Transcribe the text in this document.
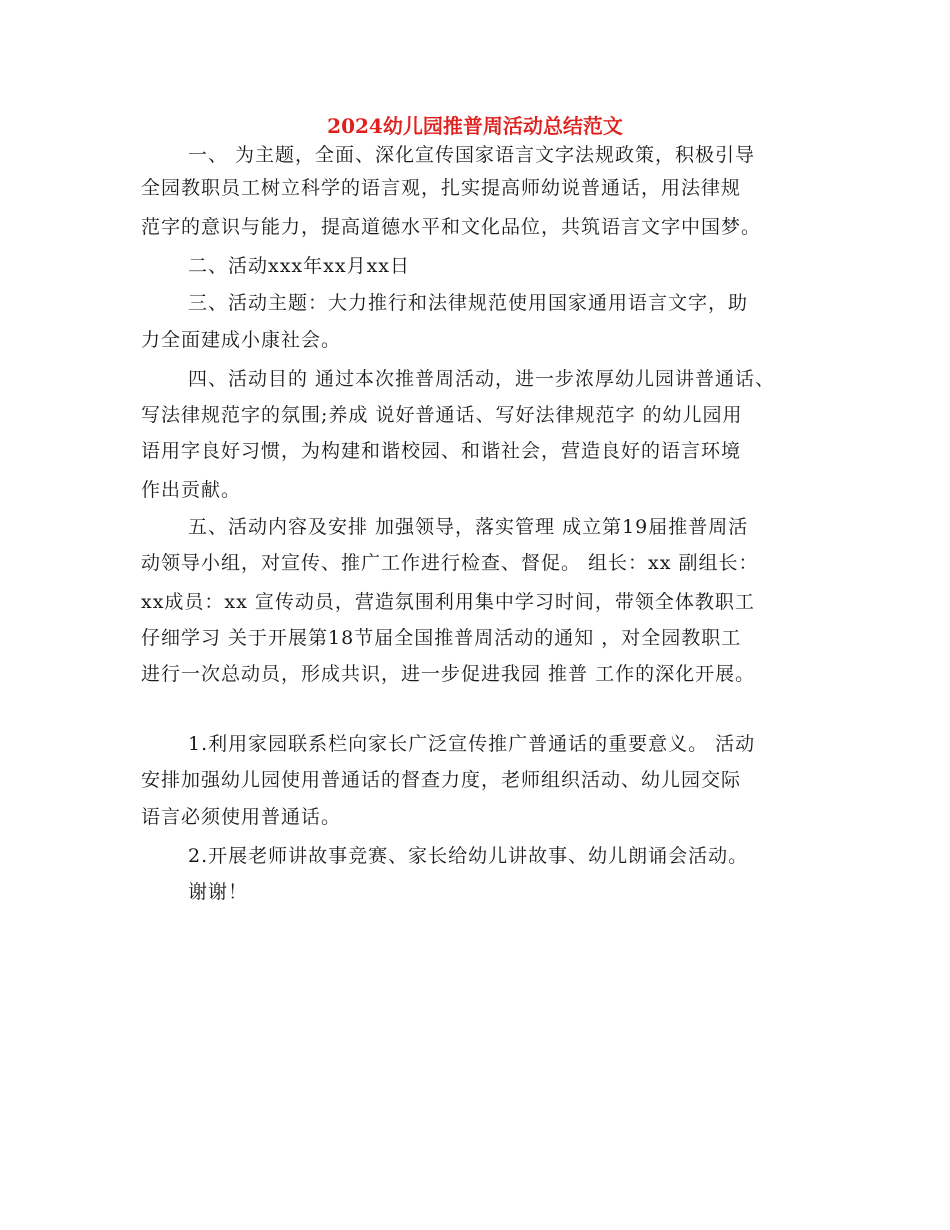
2024幼儿园推普周活动总结范文
一、 为主题，全面、深化宣传国家语言文字法规政策，积极引导
全园教职员工树立科学的语言观，扎实提高师幼说普通话，用法律规
范字的意识与能力，提高道德水平和文化品位，共筑语言文字中国梦。
二、活动xxx年xx月xx日
三、活动主题：大力推行和法律规范使用国家通用语言文字，助
力全面建成小康社会。
四、活动目的 通过本次推普周活动，进一步浓厚幼儿园讲普通话、
写法律规范字的氛围;养成 说好普通话、写好法律规范字 的幼儿园用
语用字良好习惯，为构建和谐校园、和谐社会，营造良好的语言环境
作出贡献。
五、活动内容及安排 加强领导，落实管理 成立第19届推普周活
动领导小组，对宣传、推广工作进行检查、督促。 组长：xx 副组长：
xx成员：xx 宣传动员，营造氛围利用集中学习时间，带领全体教职工
仔细学习 关于开展第18节届全国推普周活动的通知 ，对全园教职工
进行一次总动员，形成共识，进一步促进我园 推普 工作的深化开展。
1.利用家园联系栏向家长广泛宣传推广普通话的重要意义。 活动
安排加强幼儿园使用普通话的督查力度，老师组织活动、幼儿园交际
语言必须使用普通话。
2.开展老师讲故事竞赛、家长给幼儿讲故事、幼儿朗诵会活动。
谢谢！
